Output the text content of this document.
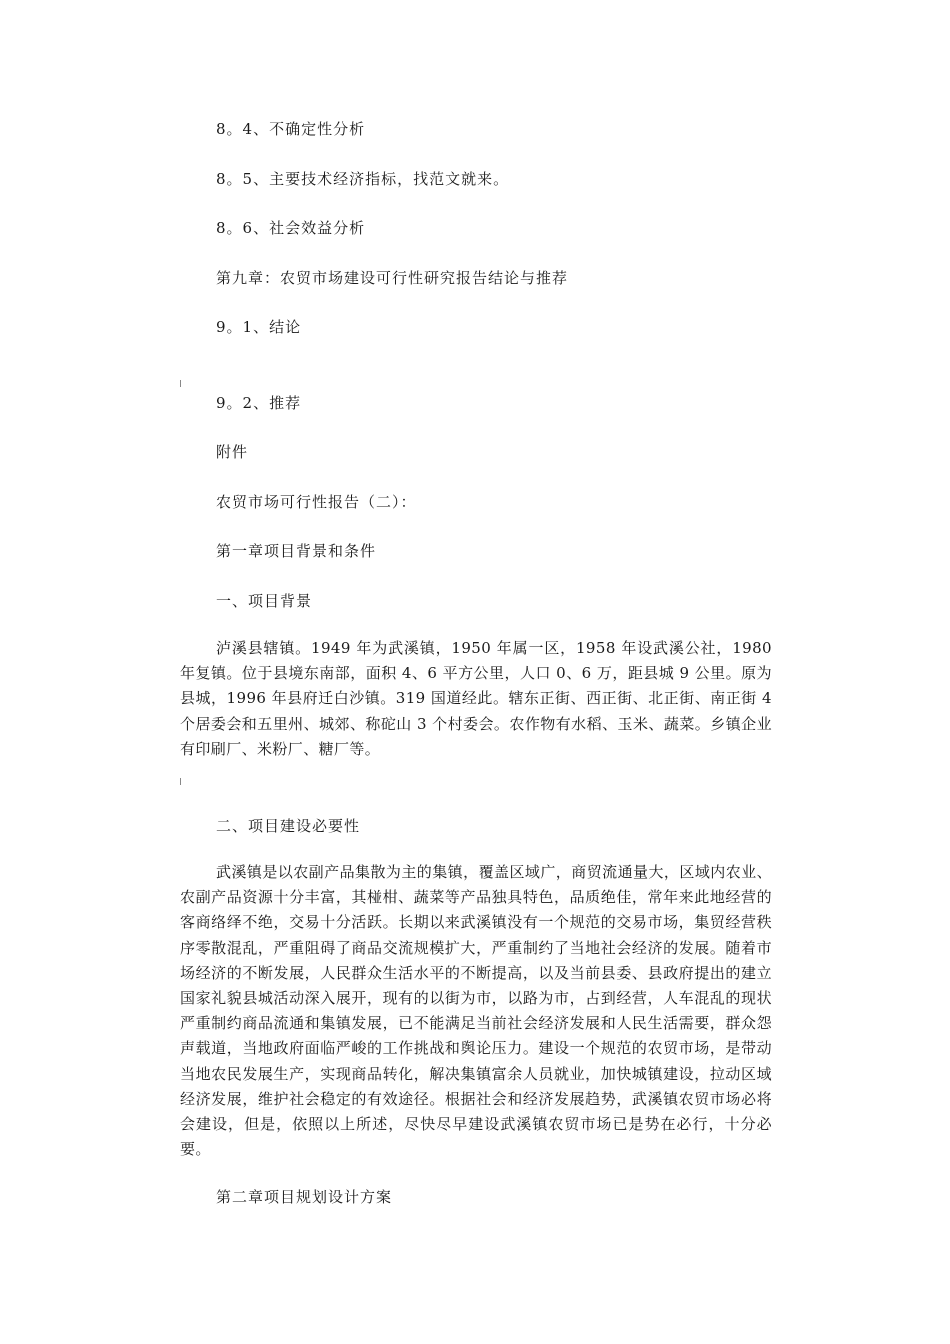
8。4、不确定性分析
8。5、主要技术经济指标，找范文就来。
8。6、社会效益分析
第九章：农贸市场建设可行性研究报告结论与推荐
9。1、结论
9。2、推荐
附件
农贸市场可行性报告（二）：
第一章项目背景和条件
一、项目背景

泸溪县辖镇。1949 年为武溪镇，1950 年属一区，1958 年设武溪公社，1980 年复镇。位于县境东南部，面积 4、6 平方公里，人口 0、6 万，距县城 9 公里。原为县城，1996 年县府迁白沙镇。319 国道经此。辖东正街、西正街、北正街、南正街 4 个居委会和五里州、城郊、称砣山 3 个村委会。农作物有水稻、玉米、蔬菜。乡镇企业有印刷厂、米粉厂、糖厂等。

二、项目建设必要性

武溪镇是以农副产品集散为主的集镇，覆盖区域广，商贸流通量大，区域内农业、农副产品资源十分丰富，其椪柑、蔬菜等产品独具特色，品质绝佳，常年来此地经营的客商络绎不绝，交易十分活跃。长期以来武溪镇没有一个规范的交易市场，集贸经营秩序零散混乱，严重阻碍了商品交流规模扩大，严重制约了当地社会经济的发展。随着市场经济的不断发展，人民群众生活水平的不断提高，以及当前县委、县政府提出的建立国家礼貌县城活动深入展开，现有的以街为市，以路为市，占到经营，人车混乱的现状严重制约商品流通和集镇发展，已不能满足当前社会经济发展和人民生活需要，群众怨声载道，当地政府面临严峻的工作挑战和舆论压力。建设一个规范的农贸市场，是带动当地农民发展生产，实现商品转化，解决集镇富余人员就业，加快城镇建设，拉动区域经济发展，维护社会稳定的有效途径。根据社会和经济发展趋势，武溪镇农贸市场必将会建设，但是，依照以上所述，尽快尽早建设武溪镇农贸市场已是势在必行，十分必要。

第二章项目规划设计方案
